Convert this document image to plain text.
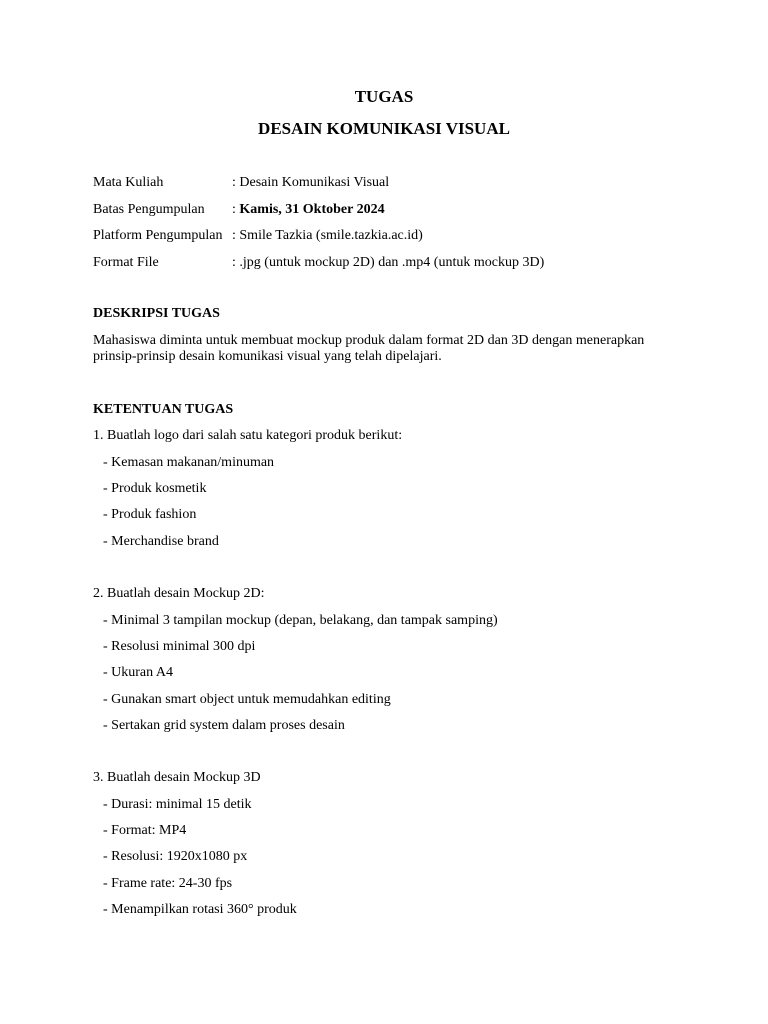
TUGAS
DESAIN KOMUNIKASI VISUAL
Mata Kuliah	: Desain Komunikasi Visual
Batas Pengumpulan : Kamis, 31 Oktober 2024
Platform Pengumpulan : Smile Tazkia (smile.tazkia.ac.id)
Format File	: .jpg (untuk mockup 2D) dan .mp4 (untuk mockup 3D)
DESKRIPSI TUGAS
Mahasiswa diminta untuk membuat mockup produk dalam format 2D dan 3D dengan menerapkan
prinsip-prinsip desain komunikasi visual yang telah dipelajari.
KETENTUAN TUGAS
1. Buatlah logo dari salah satu kategori produk berikut:
- Kemasan makanan/minuman
- Produk kosmetik
- Produk fashion
- Merchandise brand
2. Buatlah desain Mockup 2D:
- Minimal 3 tampilan mockup (depan, belakang, dan tampak samping)
- Resolusi minimal 300 dpi
- Ukuran A4
- Gunakan smart object untuk memudahkan editing
- Sertakan grid system dalam proses desain
3. Buatlah desain Mockup 3D
- Durasi: minimal 15 detik
- Format: MP4
- Resolusi: 1920x1080 px
- Frame rate: 24-30 fps
- Menampilkan rotasi 360° produk
